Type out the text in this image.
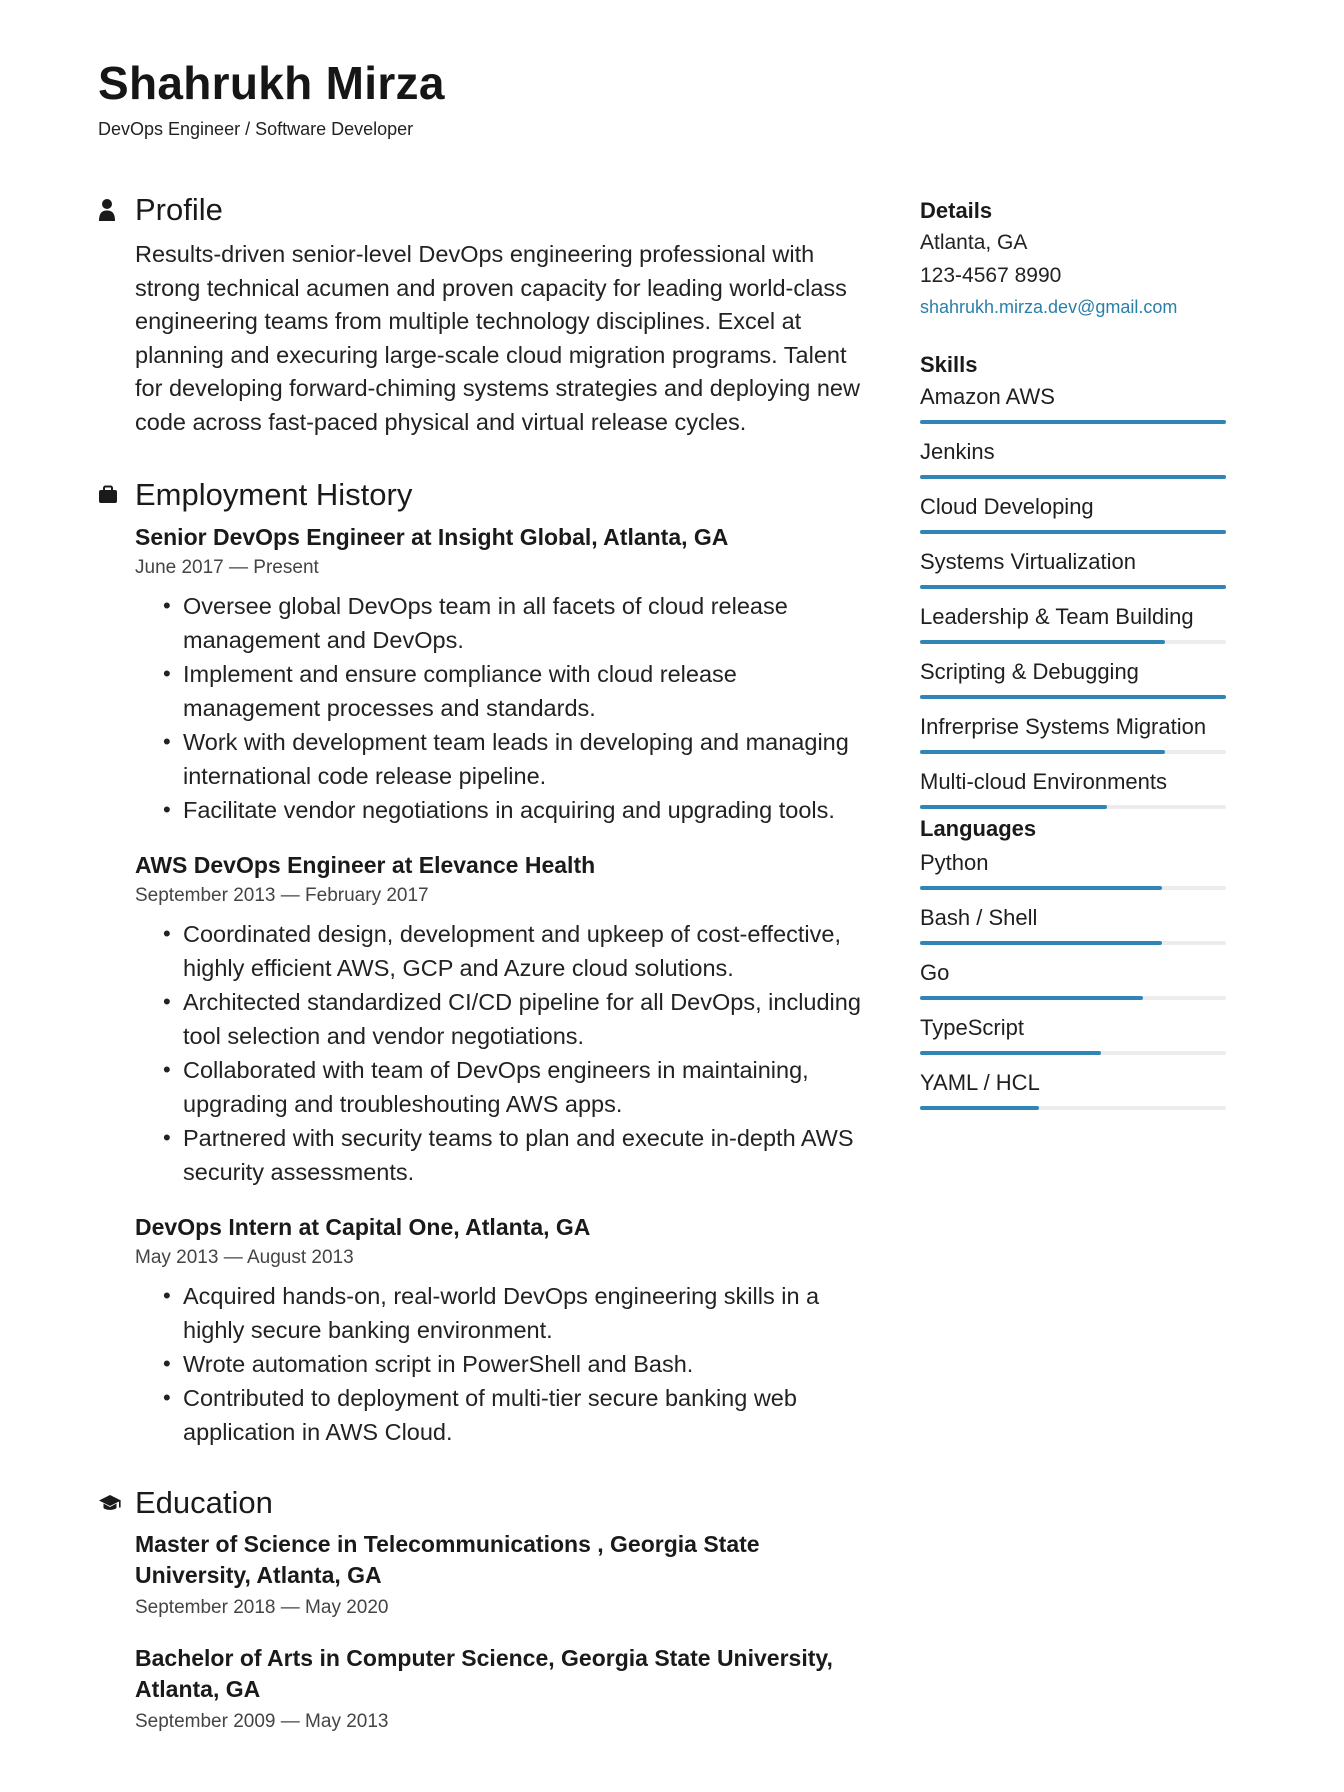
Shahrukh Mirza
DevOps Engineer / Software Developer
Profile

Results-driven senior-level DevOps engineering professional with strong technical acumen and proven capacity for leading world-class engineering teams from multiple technology disciplines. Excel at planning and execuring large-scale cloud migration programs. Talent for developing forward-chiming systems strategies and deploying new code across fast-paced physical and virtual release cycles.

Employment History
Senior DevOps Engineer at Insight Global, Atlanta, GA
June 2017 — Present
• Oversee global DevOps team in all facets of cloud release management and DevOps.
• Implement and ensure compliance with cloud release management processes and standards.
• Work with development team leads in developing and managing international code release pipeline.
• Facilitate vendor negotiations in acquiring and upgrading tools.
AWS DevOps Engineer at Elevance Health
September 2013 — February 2017
• Coordinated design, development and upkeep of cost-effective, highly efficient AWS, GCP and Azure cloud solutions.
• Architected standardized CI/CD pipeline for all DevOps, including tool selection and vendor negotiations.
• Collaborated with team of DevOps engineers in maintaining, upgrading and troubleshouting AWS apps.
• Partnered with security teams to plan and execute in-depth AWS security assessments.
DevOps Intern at Capital One, Atlanta, GA
May 2013 — August 2013
• Acquired hands-on, real-world DevOps engineering skills in a highly secure banking environment.
• Wrote automation script in PowerShell and Bash.
• Contributed to deployment of multi-tier secure banking web application in AWS Cloud.
Education
Master of Science in Telecommunications , Georgia State University, Atlanta, GA
September 2018 — May 2020
Bachelor of Arts in Computer Science, Georgia State University, Atlanta, GA
September 2009 — May 2013
Details
Atlanta, GA
123-4567 8990
shahrukh.mirza.dev@gmail.com
Skills
Amazon AWS
Jenkins
Cloud Developing
Systems Virtualization
Leadership & Team Building
Scripting & Debugging
Infrerprise Systems Migration
Multi-cloud Environments
Languages
Python
Bash / Shell
Go
TypeScript
YAML / HCL
